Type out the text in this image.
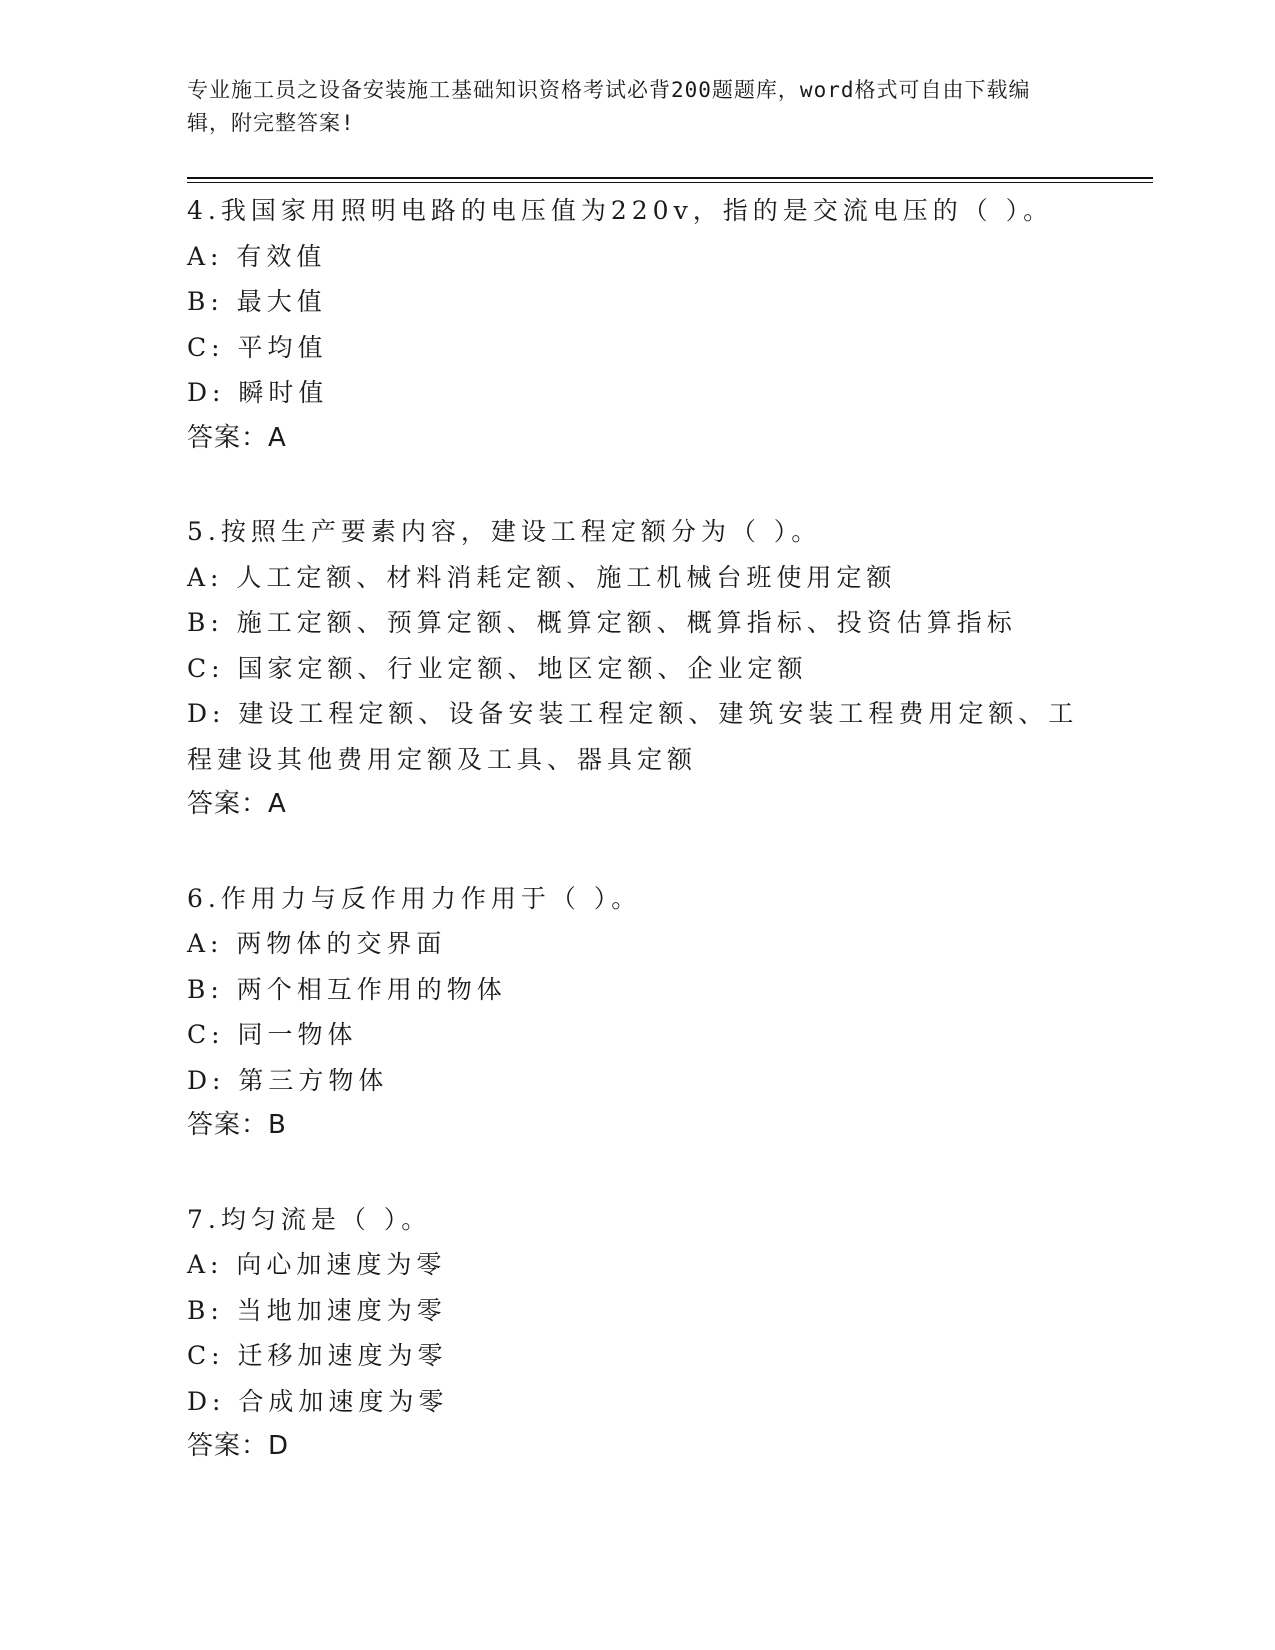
专业施工员之设备安装施工基础知识资格考试必背200题题库，word格式可自由下载编辑，附完整答案!
4.我国家用照明电路的电压值为220v，指的是交流电压的（ ）。
A: 有效值
B: 最大值
C: 平均值
D: 瞬时值
答案：A
5.按照生产要素内容，建设工程定额分为（ ）。
A: 人工定额、材料消耗定额、施工机械台班使用定额
B: 施工定额、预算定额、概算定额、概算指标、投资估算指标
C: 国家定额、行业定额、地区定额、企业定额
D: 建设工程定额、设备安装工程定额、建筑安装工程费用定额、工程建设其他费用定额及工具、器具定额
答案：A
6.作用力与反作用力作用于（ ）。
A: 两物体的交界面
B: 两个相互作用的物体
C: 同一物体
D: 第三方物体
答案：B
7.均匀流是（ ）。
A: 向心加速度为零
B: 当地加速度为零
C: 迁移加速度为零
D: 合成加速度为零
答案：D
